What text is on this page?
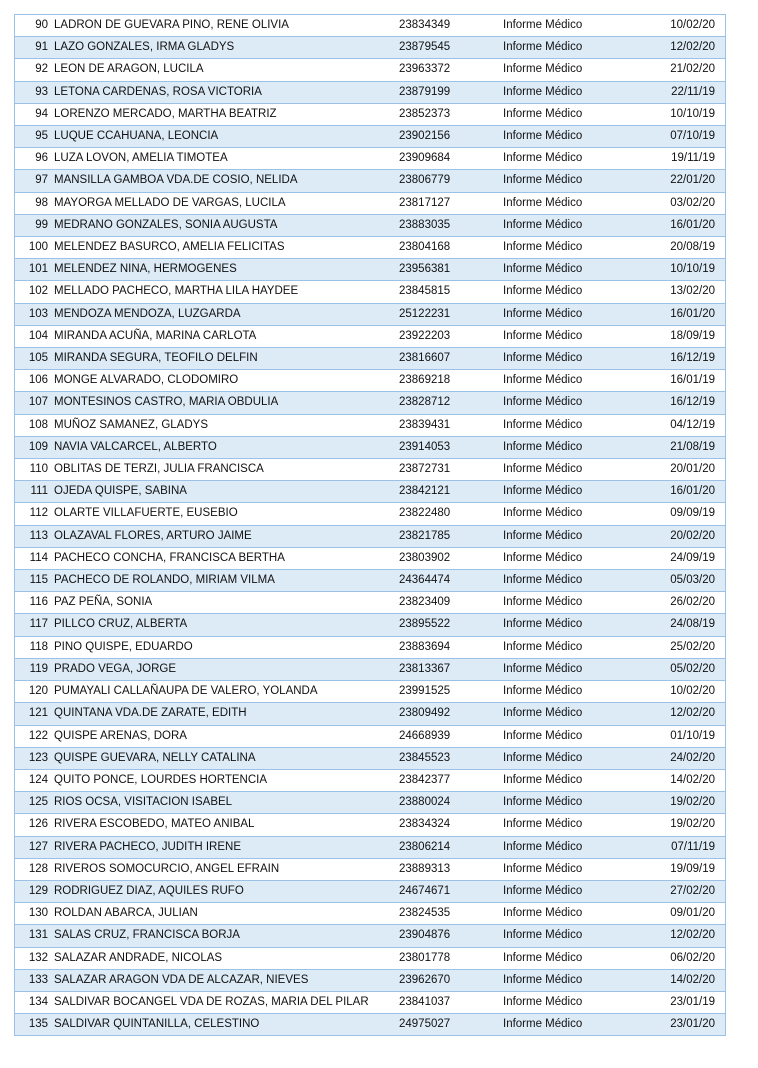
90	LADRON DE GUEVARA PINO, RENE OLIVIA	23834349	Informe Médico	10/02/20
91	LAZO GONZALES, IRMA GLADYS	23879545	Informe Médico	12/02/20
92	LEON DE ARAGON, LUCILA	23963372	Informe Médico	21/02/20
93	LETONA CARDENAS, ROSA VICTORIA	23879199	Informe Médico	22/11/19
94	LORENZO MERCADO, MARTHA BEATRIZ	23852373	Informe Médico	10/10/19
95	LUQUE CCAHUANA, LEONCIA	23902156	Informe Médico	07/10/19
96	LUZA LOVON, AMELIA TIMOTEA	23909684	Informe Médico	19/11/19
97	MANSILLA GAMBOA VDA.DE COSIO, NELIDA	23806779	Informe Médico	22/01/20
98	MAYORGA MELLADO DE VARGAS, LUCILA	23817127	Informe Médico	03/02/20
99	MEDRANO GONZALES, SONIA AUGUSTA	23883035	Informe Médico	16/01/20
100	MELENDEZ BASURCO, AMELIA FELICITAS	23804168	Informe Médico	20/08/19
101	MELENDEZ NINA, HERMOGENES	23956381	Informe Médico	10/10/19
102	MELLADO PACHECO, MARTHA LILA HAYDEE	23845815	Informe Médico	13/02/20
103	MENDOZA MENDOZA, LUZGARDA	25122231	Informe Médico	16/01/20
104	MIRANDA ACUÑA, MARINA CARLOTA	23922203	Informe Médico	18/09/19
105	MIRANDA SEGURA, TEOFILO DELFIN	23816607	Informe Médico	16/12/19
106	MONGE ALVARADO, CLODOMIRO	23869218	Informe Médico	16/01/19
107	MONTESINOS CASTRO, MARIA OBDULIA	23828712	Informe Médico	16/12/19
108	MUÑOZ SAMANEZ, GLADYS	23839431	Informe Médico	04/12/19
109	NAVIA VALCARCEL, ALBERTO	23914053	Informe Médico	21/08/19
110	OBLITAS DE TERZI, JULIA FRANCISCA	23872731	Informe Médico	20/01/20
111	OJEDA QUISPE, SABINA	23842121	Informe Médico	16/01/20
112	OLARTE VILLAFUERTE, EUSEBIO	23822480	Informe Médico	09/09/19
113	OLAZAVAL FLORES, ARTURO JAIME	23821785	Informe Médico	20/02/20
114	PACHECO CONCHA, FRANCISCA BERTHA	23803902	Informe Médico	24/09/19
115	PACHECO DE ROLANDO, MIRIAM VILMA	24364474	Informe Médico	05/03/20
116	PAZ PEÑA, SONIA	23823409	Informe Médico	26/02/20
117	PILLCO CRUZ, ALBERTA	23895522	Informe Médico	24/08/19
118	PINO QUISPE, EDUARDO	23883694	Informe Médico	25/02/20
119	PRADO VEGA, JORGE	23813367	Informe Médico	05/02/20
120	PUMAYALI CALLAÑAUPA DE VALERO, YOLANDA	23991525	Informe Médico	10/02/20
121	QUINTANA VDA.DE ZARATE, EDITH	23809492	Informe Médico	12/02/20
122	QUISPE ARENAS, DORA	24668939	Informe Médico	01/10/19
123	QUISPE GUEVARA, NELLY CATALINA	23845523	Informe Médico	24/02/20
124	QUITO PONCE, LOURDES HORTENCIA	23842377	Informe Médico	14/02/20
125	RIOS OCSA, VISITACION ISABEL	23880024	Informe Médico	19/02/20
126	RIVERA ESCOBEDO, MATEO ANIBAL	23834324	Informe Médico	19/02/20
127	RIVERA PACHECO, JUDITH IRENE	23806214	Informe Médico	07/11/19
128	RIVEROS SOMOCURCIO, ANGEL EFRAIN	23889313	Informe Médico	19/09/19
129	RODRIGUEZ DIAZ, AQUILES RUFO	24674671	Informe Médico	27/02/20
130	ROLDAN ABARCA, JULIAN	23824535	Informe Médico	09/01/20
131	SALAS CRUZ, FRANCISCA BORJA	23904876	Informe Médico	12/02/20
132	SALAZAR ANDRADE, NICOLAS	23801778	Informe Médico	06/02/20
133	SALAZAR ARAGON VDA DE ALCAZAR, NIEVES	23962670	Informe Médico	14/02/20
134	SALDIVAR BOCANGEL VDA DE ROZAS, MARIA DEL PILAR	23841037	Informe Médico	23/01/19
135	SALDIVAR QUINTANILLA, CELESTINO	24975027	Informe Médico	23/01/20
